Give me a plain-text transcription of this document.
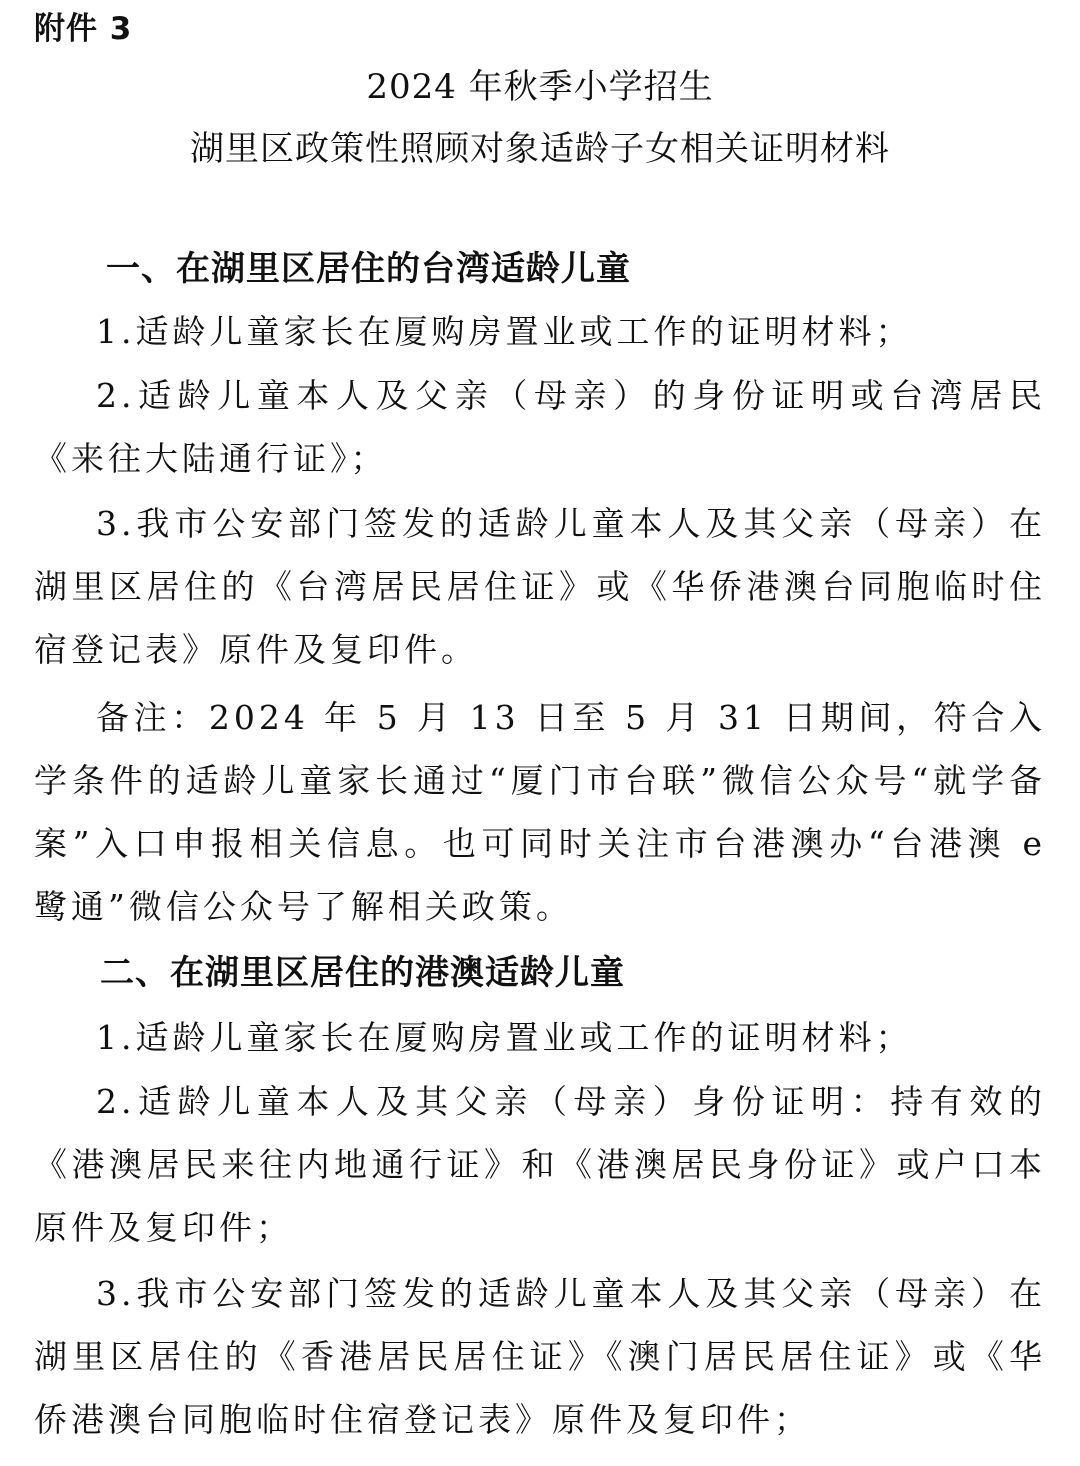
附件 3
2024 年秋季小学招生
湖里区政策性照顾对象适龄子女相关证明材料
一、在湖里区居住的台湾适龄儿童

1.适龄儿童家长在厦购房置业或工作的证明材料；

2.适龄儿童本人及父亲（母亲）的身份证明或台湾居民《来往大陆通行证》；

3.我市公安部门签发的适龄儿童本人及其父亲（母亲）在湖里区居住的《台湾居民居住证》或《华侨港澳台同胞临时住宿登记表》原件及复印件。

备注：2024 年 5 月 13 日至 5 月 31 日期间，符合入学条件的适龄儿童家长通过“厦门市台联”微信公众号“就学备案”入口申报相关信息。也可同时关注市台港澳办“台港澳 e 鹭通”微信公众号了解相关政策。

二、在湖里区居住的港澳适龄儿童

1.适龄儿童家长在厦购房置业或工作的证明材料；

2.适龄儿童本人及其父亲（母亲）身份证明：持有效的《港澳居民来往内地通行证》和《港澳居民身份证》或户口本原件及复印件；

3.我市公安部门签发的适龄儿童本人及其父亲（母亲）在湖里区居住的《香港居民居住证》《澳门居民居住证》或《华侨港澳台同胞临时住宿登记表》原件及复印件；
